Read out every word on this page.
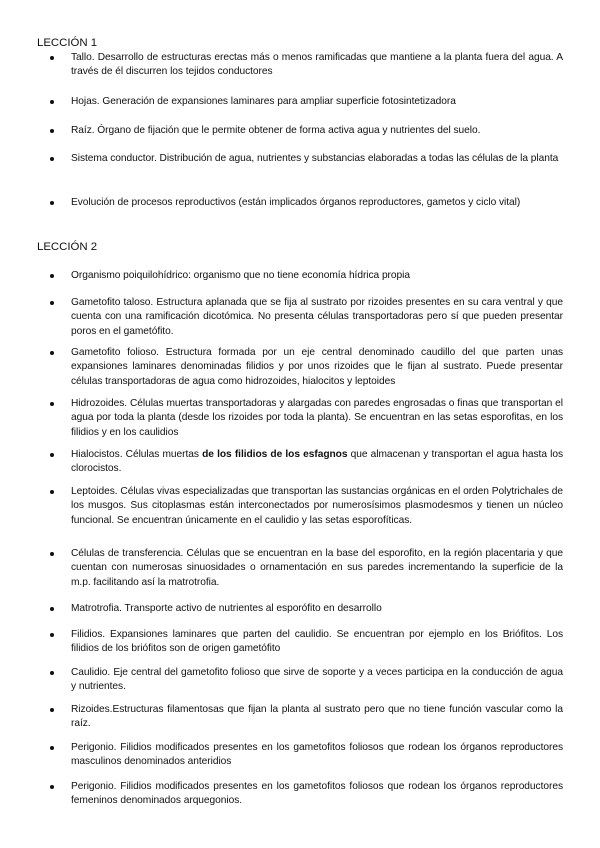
LECCIÓN 1
Tallo. Desarrollo de estructuras erectas más o menos ramificadas que mantiene a la planta fuera del agua. A través de él discurren los tejidos conductores
Hojas. Generación de expansiones laminares para ampliar superficie fotosintetizadora
Raíz. Órgano de fijación que le permite obtener de forma activa agua y nutrientes del suelo.
Sistema conductor. Distribución de agua, nutrientes y substancias elaboradas a todas las células de la planta
Evolución de procesos reproductivos (están implicados órganos reproductores, gametos y ciclo vital)
LECCIÓN 2
Organismo poiquilohídrico: organismo que no tiene economía hídrica propia
Gametofito taloso. Estructura aplanada que se fija al sustrato por rizoides presentes en su cara ventral y que cuenta con una ramificación dicotómica. No presenta células transportadoras pero sí que pueden presentar poros en el gametófito.
Gametofito folioso. Estructura formada por un eje central denominado caudillo del que parten unas expansiones laminares denominadas filidios y por unos rizoides que le fijan al sustrato. Puede presentar células transportadoras de agua como hidrozoides, hialocitos y leptoides
Hidrozoides. Células muertas transportadoras y alargadas con paredes engrosadas o finas que transportan el agua por toda la planta (desde los rizoides por toda la planta). Se encuentran en las setas esporofitas, en los filidios y en los caulidios
Hialocistos. Células muertas de los filidios de los esfagnos que almacenan y transportan el agua hasta los clorocistos.
Leptoides. Células vivas especializadas que transportan las sustancias orgánicas en el orden Polytrichales de los musgos. Sus citoplasmas están interconectados por numerosísimos plasmodesmos y tienen un núcleo funcional. Se encuentran únicamente en el caulidio y las setas esporofíticas.
Células de transferencia. Células que se encuentran en la base del esporofito, en la región placentaria y que cuentan con numerosas sinuosidades o ornamentación en sus paredes incrementando la superficie de la m.p. facilitando así la matrotrofia.
Matrotrofia. Transporte activo de nutrientes al esporófito en desarrollo
Filidios. Expansiones laminares que parten del caulidio. Se encuentran por ejemplo en los Briófitos. Los filidios de los briófitos son de origen gametófito
Caulidio. Eje central del gametofito folioso que sirve de soporte y a veces participa en la conducción de agua y nutrientes.
Rizoides.Estructuras filamentosas que fijan la planta al sustrato pero que no tiene función vascular como la raíz.
Perigonio. Filidios modificados presentes en los gametofitos foliosos que rodean los órganos reproductores masculinos denominados anteridios
Perigonio. Filidios modificados presentes en los gametofitos foliosos que rodean los órganos reproductores femeninos denominados arquegonios.
